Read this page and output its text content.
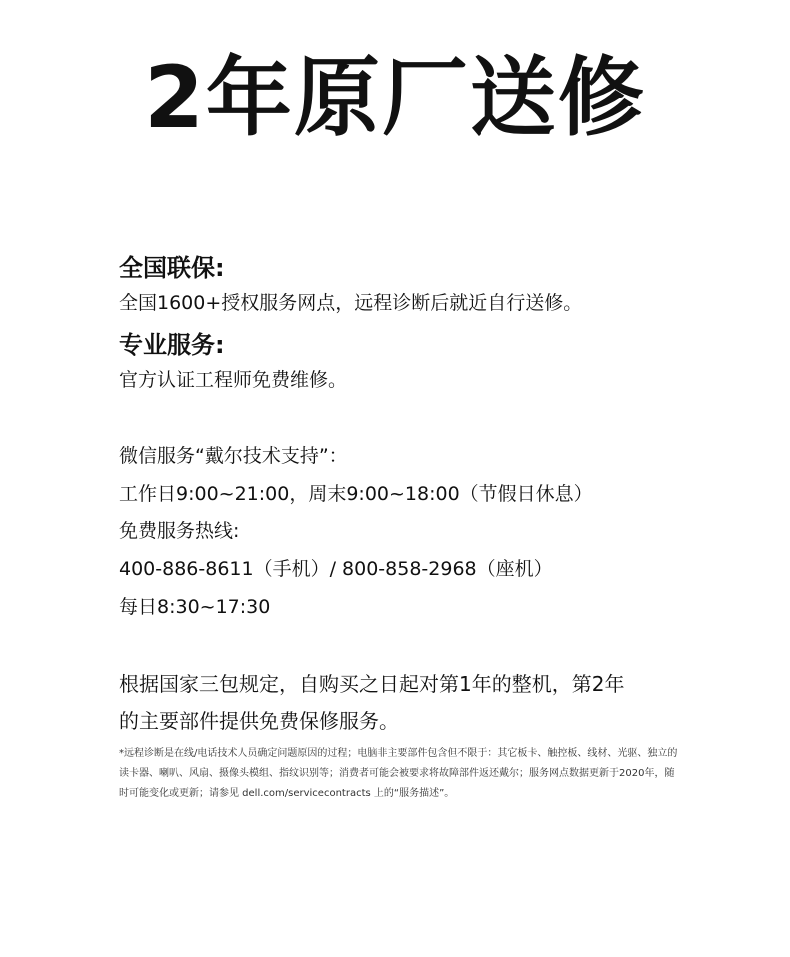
2年原厂送修
全国联保:
全国1600+授权服务网点，远程诊断后就近自行送修。
专业服务:
官方认证工程师免费维修。
微信服务“戴尔技术支持”：
工作日9:00~21:00，周末9:00~18:00（节假日休息）
免费服务热线:
400-886-8611（手机）/ 800-858-2968（座机）
每日8:30~17:30
根据国家三包规定，自购买之日起对第1年的整机，第2年
的主要部件提供免费保修服务。
*远程诊断是在线/电话技术人员确定问题原因的过程；电脑非主要部件包含但不限于：其它板卡、触控板、线材、光驱、独立的读卡器、喇叭、风扇、摄像头模组、指纹识别等；消费者可能会被要求将故障部件返还戴尔；服务网点数据更新于2020年，随时可能变化或更新；请参见 dell.com/servicecontracts 上的“服务描述”。
